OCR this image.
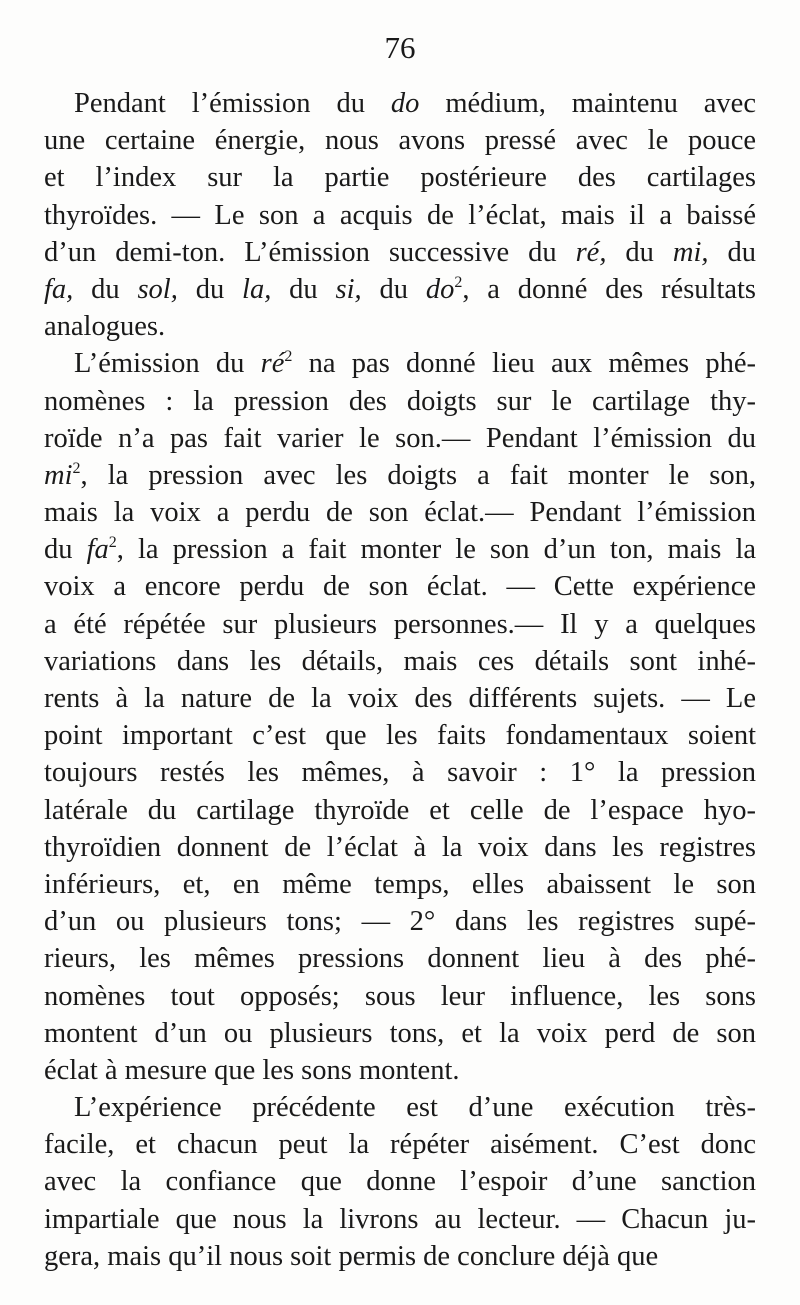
76
Pendant l’émission du do médium, maintenu avec
une certaine énergie, nous avons pressé avec le pouce
et l’index sur la partie postérieure des cartilages
thyroïdes. — Le son a acquis de l’éclat, mais il a baissé
d’un demi-ton. L’émission successive du ré, du mi, du
fa, du sol, du la, du si, du $do^2$, a donné des résultats
analogues.
L’émission du $ré^2$ na pas donné lieu aux mêmes phé-
nomènes : la pression des doigts sur le cartilage thy-
roïde n’a pas fait varier le son.— Pendant l’émission du
$mi^2$, la pression avec les doigts a fait monter le son,
mais la voix a perdu de son éclat.— Pendant l’émission
du $fa^2$, la pression a fait monter le son d’un ton, mais la
voix a encore perdu de son éclat. — Cette expérience
a été répétée sur plusieurs personnes.— Il y a quelques
variations dans les détails, mais ces détails sont inhé-
rents à la nature de la voix des différents sujets. — Le
point important c’est que les faits fondamentaux soient
toujours restés les mêmes, à savoir : 1° la pression
latérale du cartilage thyroïde et celle de l’espace hyo-
thyroïdien donnent de l’éclat à la voix dans les registres
inférieurs, et, en même temps, elles abaissent le son
d’un ou plusieurs tons; — 2° dans les registres supé-
rieurs, les mêmes pressions donnent lieu à des phé-
nomènes tout opposés; sous leur influence, les sons
montent d’un ou plusieurs tons, et la voix perd de son
éclat à mesure que les sons montent.
L’expérience précédente est d’une exécution très-
facile, et chacun peut la répéter aisément. C’est donc
avec la confiance que donne l’espoir d’une sanction
impartiale que nous la livrons au lecteur. — Chacun ju-
gera, mais qu’il nous soit permis de conclure déjà que
